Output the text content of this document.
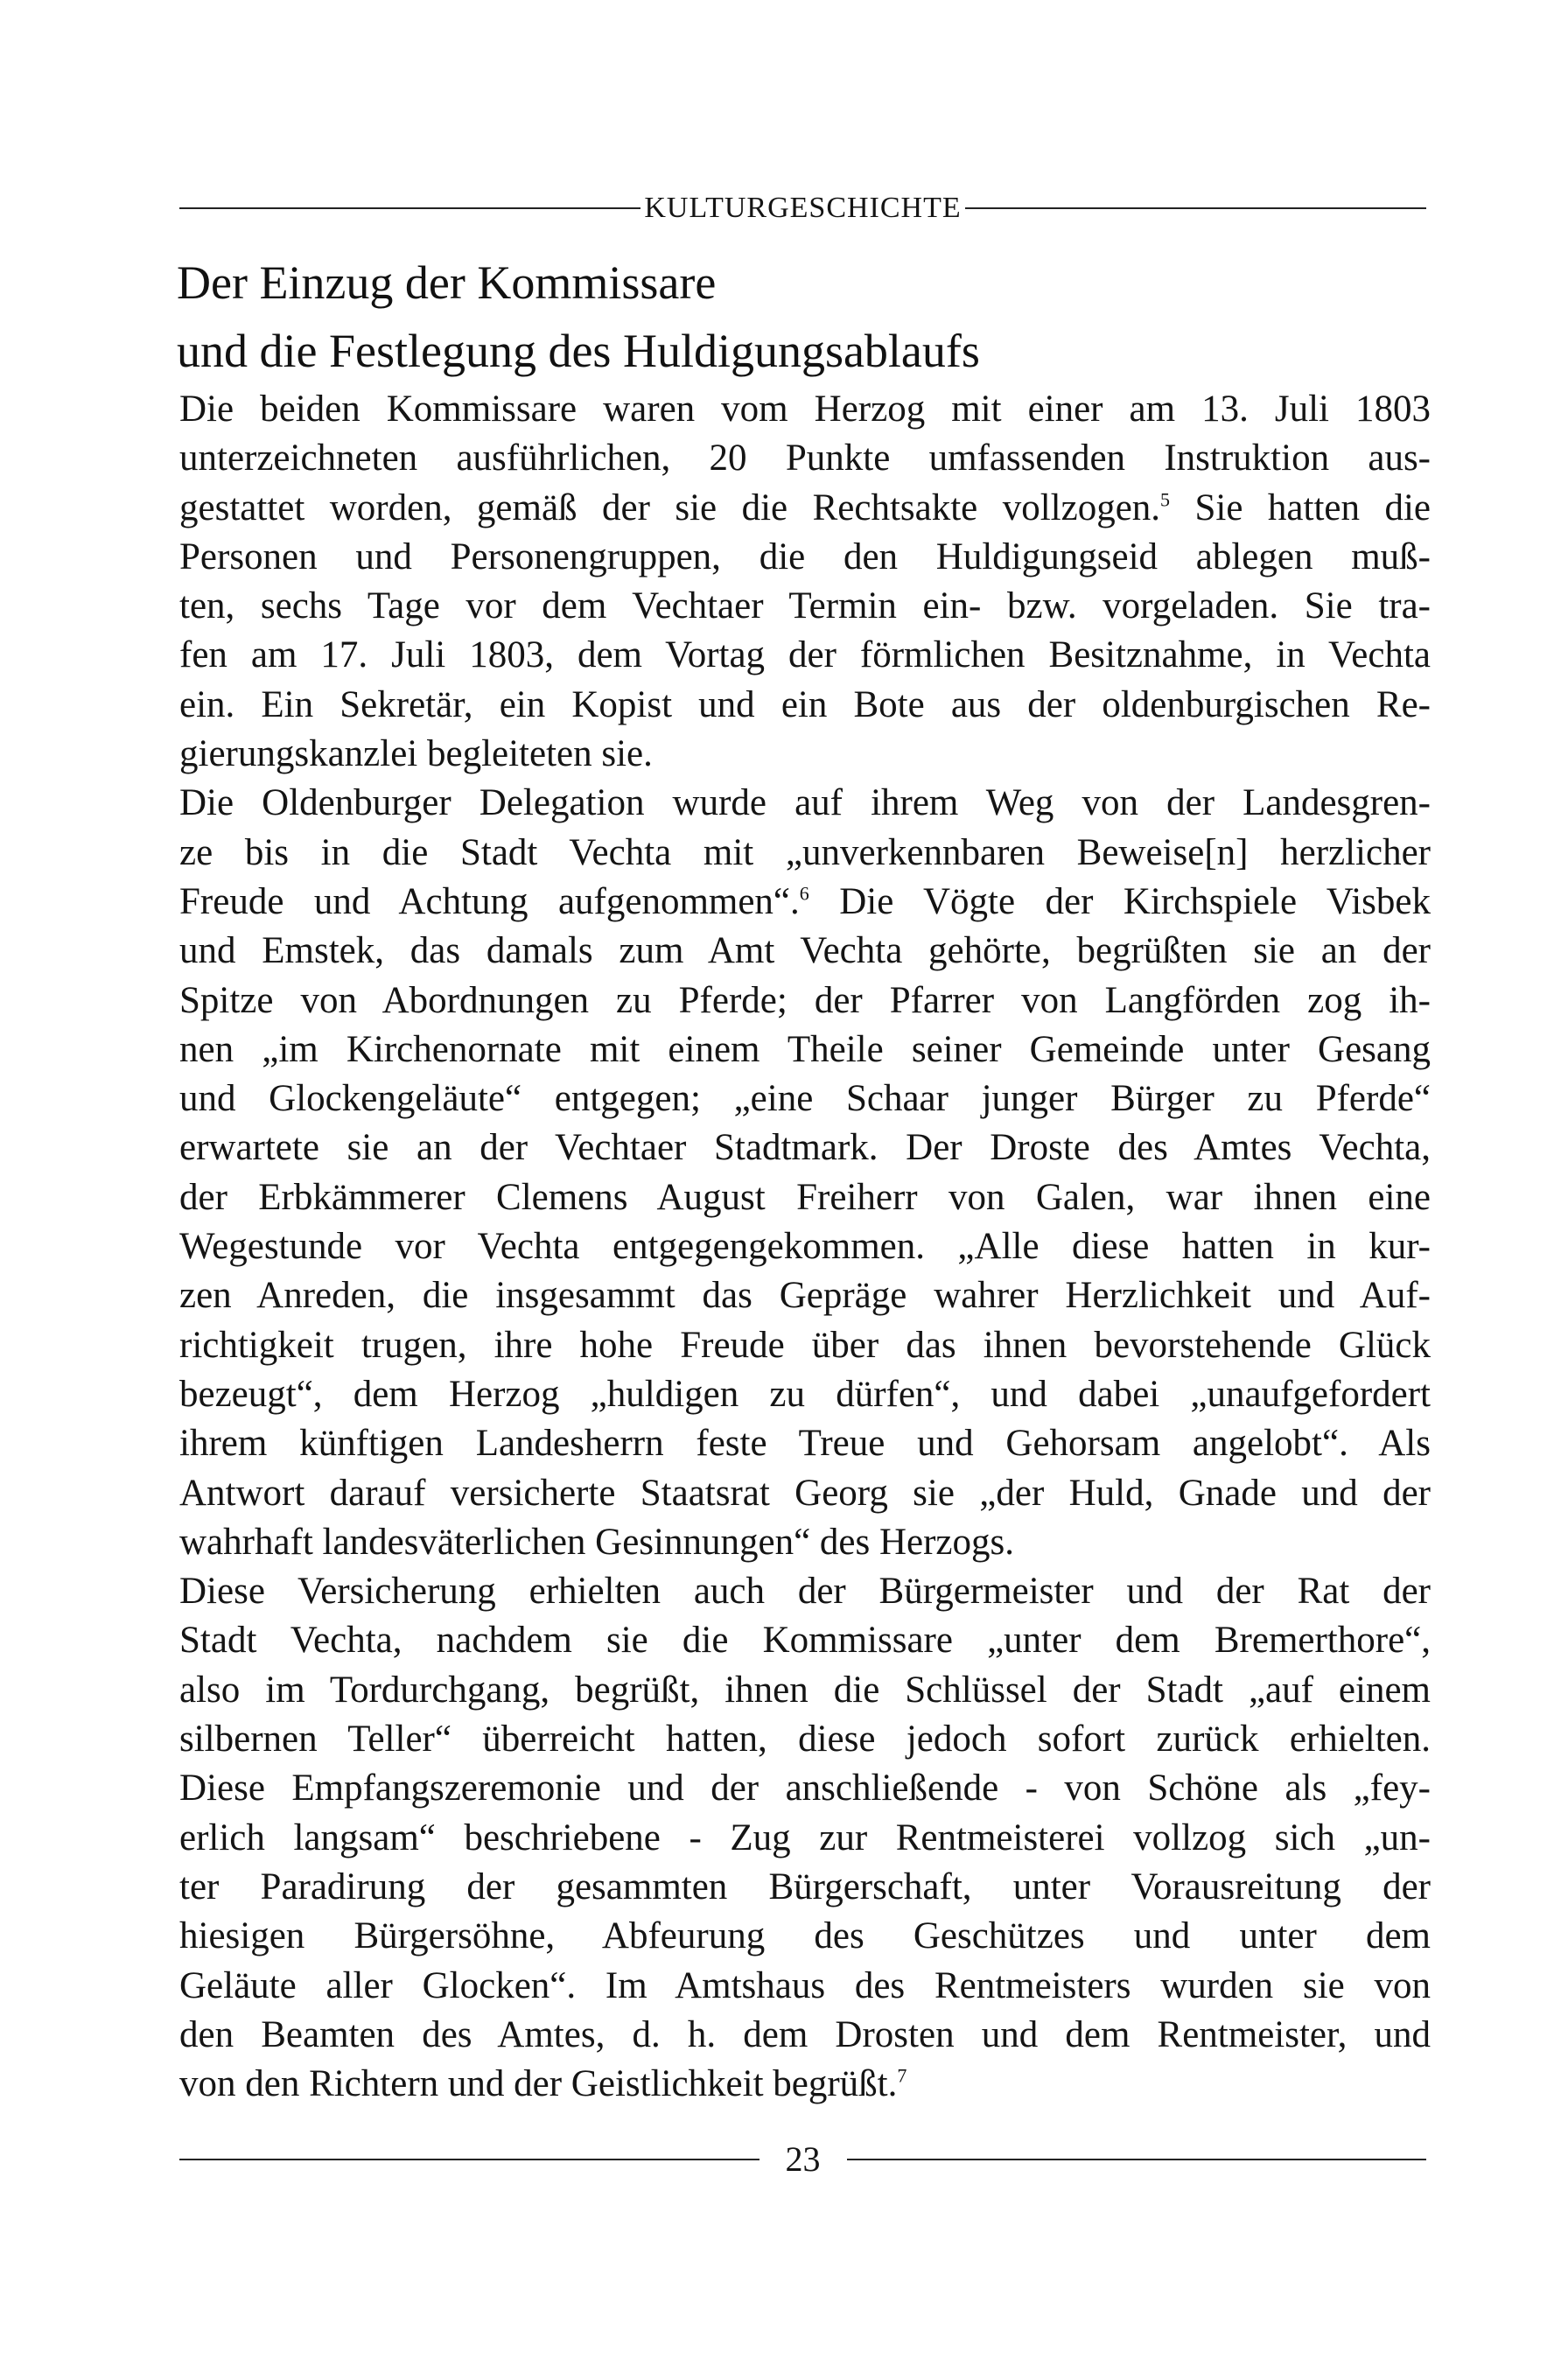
KULTURGESCHICHTE
Der Einzug der Kommissare
und die Festlegung des Huldigungsablaufs

Die beiden Kommissare waren vom Herzog mit einer am 13. Juli 1803
unterzeichneten ausführlichen, 20 Punkte umfassenden Instruktion aus-
gestattet worden, gemäß der sie die Rechtsakte vollzogen.$^5$ Sie hatten die
Personen und Personengruppen, die den Huldigungseid ablegen muß-
ten, sechs Tage vor dem Vechtaer Termin ein- bzw. vorgeladen. Sie tra-
fen am 17. Juli 1803, dem Vortag der förmlichen Besitznahme, in Vechta
ein. Ein Sekretär, ein Kopist und ein Bote aus der oldenburgischen Re-
gierungskanzlei begleiteten sie.

Die Oldenburger Delegation wurde auf ihrem Weg von der Landesgren-
ze bis in die Stadt Vechta mit „unverkennbaren Beweise[n] herzlicher
Freude und Achtung aufgenommen“.$^6$ Die Vögte der Kirchspiele Visbek
und Emstek, das damals zum Amt Vechta gehörte, begrüßten sie an der
Spitze von Abordnungen zu Pferde; der Pfarrer von Langförden zog ih-
nen „im Kirchenornate mit einem Theile seiner Gemeinde unter Gesang
und Glockengeläute“ entgegen; „eine Schaar junger Bürger zu Pferde“
erwartete sie an der Vechtaer Stadtmark. Der Droste des Amtes Vechta,
der Erbkämmerer Clemens August Freiherr von Galen, war ihnen eine
Wegestunde vor Vechta entgegengekommen. „Alle diese hatten in kur-
zen Anreden, die insgesammt das Gepräge wahrer Herzlichkeit und Auf-
richtigkeit trugen, ihre hohe Freude über das ihnen bevorstehende Glück
bezeugt“, dem Herzog „huldigen zu dürfen“, und dabei „unaufgefordert
ihrem künftigen Landesherrn feste Treue und Gehorsam angelobt“. Als
Antwort darauf versicherte Staatsrat Georg sie „der Huld, Gnade und der
wahrhaft landesväterlichen Gesinnungen“ des Herzogs.

Diese Versicherung erhielten auch der Bürgermeister und der Rat der
Stadt Vechta, nachdem sie die Kommissare „unter dem Bremerthore“,
also im Tordurchgang, begrüßt, ihnen die Schlüssel der Stadt „auf einem
silbernen Teller“ überreicht hatten, diese jedoch sofort zurück erhielten.
Diese Empfangszeremonie und der anschließende - von Schöne als „fey-
erlich langsam“ beschriebene - Zug zur Rentmeisterei vollzog sich „un-
ter Paradirung der gesammten Bürgerschaft, unter Vorausreitung der
hiesigen Bürgersöhne, Abfeurung des Geschützes und unter dem
Geläute aller Glocken“. Im Amtshaus des Rentmeisters wurden sie von
den Beamten des Amtes, d. h. dem Drosten und dem Rentmeister, und
von den Richtern und der Geistlichkeit begrüßt.$^7$

23
